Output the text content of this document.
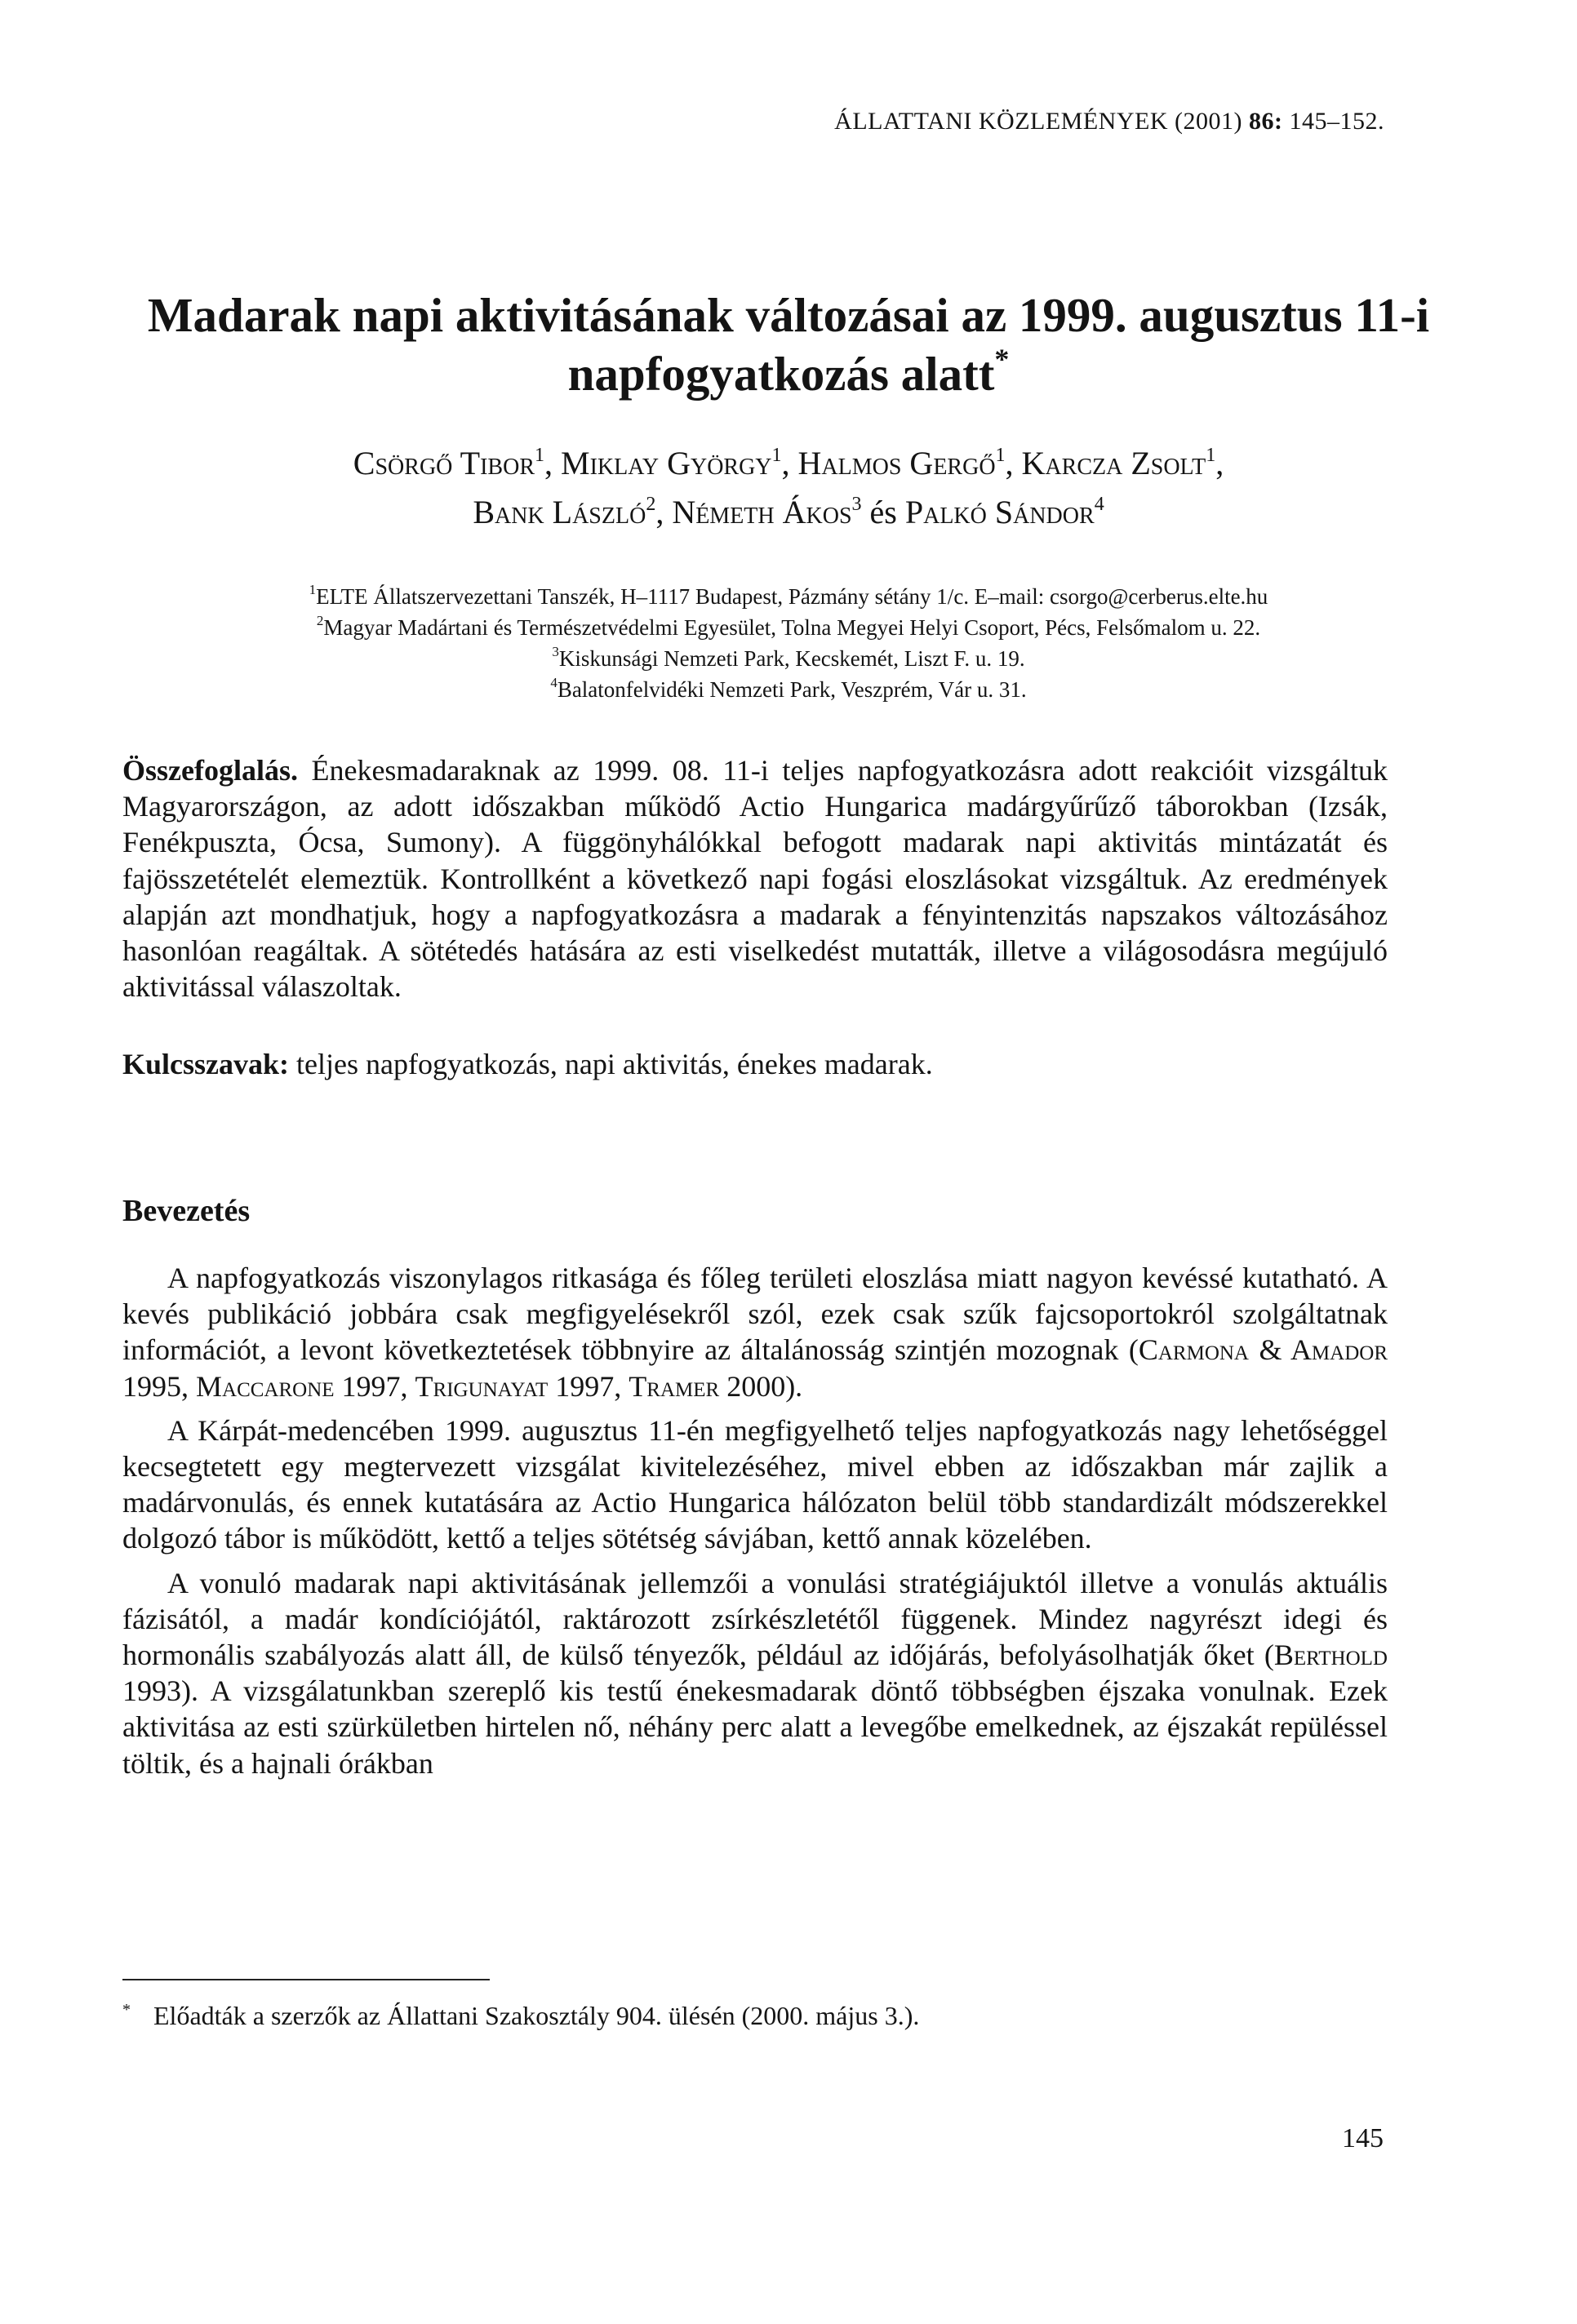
ÁLLATTANI KÖZLEMÉNYEK (2001) 86: 145–152.
Madarak napi aktivitásának változásai az 1999. augusztus 11-i
napfogyatkozás alatt*
Csörgő Tibor$^1$, Miklay György$^1$, Halmos Gergő$^1$, Karcza Zsolt$^1$,
Bank László$^2$, Németh Ákos$^3$ és Palkó Sándor$^4$
$^1$ELTE Állatszervezettani Tanszék, H–1117 Budapest, Pázmány sétány 1/c. E–mail: csorgo@cerberus.elte.hu
$^2$Magyar Madártani és Természetvédelmi Egyesület, Tolna Megyei Helyi Csoport, Pécs, Felsőmalom u. 22.
$^3$Kiskunsági Nemzeti Park, Kecskemét, Liszt F. u. 19.
$^4$Balatonfelvidéki Nemzeti Park, Veszprém, Vár u. 31.
Összefoglalás. Énekesmadaraknak az 1999. 08. 11-i teljes napfogyatkozásra adott reakcióit vizsgáltuk Magyarországon, az adott időszakban működő Actio Hungarica madárgyűrűző táborokban (Izsák, Fenékpuszta, Ócsa, Sumony). A függönyhálókkal befogott madarak napi aktivitás mintázatát és fajösszetételét elemeztük. Kontrollként a következő napi fogási eloszlásokat vizsgáltuk. Az eredmények alapján azt mondhatjuk, hogy a napfogyatkozásra a madarak a fényintenzitás napszakos változásához hasonlóan reagáltak. A sötétedés hatására az esti viselkedést mutatták, illetve a világosodásra megújuló aktivitással válaszoltak.
Kulcsszavak: teljes napfogyatkozás, napi aktivitás, énekes madarak.
Bevezetés

A napfogyatkozás viszonylagos ritkasága és főleg területi eloszlása miatt nagyon kevéssé kutatható. A kevés publikáció jobbára csak megfigyelésekről szól, ezek csak szűk fajcsoportokról szolgáltatnak információt, a levont következtetések többnyire az általánosság szintjén mozognak (Carmona & Amador 1995, Maccarone 1997, Trigunayat 1997, Tramer 2000).

A Kárpát-medencében 1999. augusztus 11-én megfigyelhető teljes napfogyatkozás nagy lehetőséggel kecsegtetett egy megtervezett vizsgálat kivitelezéséhez, mivel ebben az időszakban már zajlik a madárvonulás, és ennek kutatására az Actio Hungarica hálózaton belül több standardizált módszerekkel dolgozó tábor is működött, kettő a teljes sötétség sávjában, kettő annak közelében.

A vonuló madarak napi aktivitásának jellemzői a vonulási stratégiájuktól illetve a vonulás aktuális fázisától, a madár kondíciójától, raktározott zsírkészletétől függenek. Mindez nagyrészt idegi és hormonális szabályozás alatt áll, de külső tényezők, például az időjárás, befolyásolhatják őket (Berthold 1993). A vizsgálatunkban szereplő kis testű énekesmadarak döntő többségben éjszaka vonulnak. Ezek aktivitása az esti szürkületben hirtelen nő, néhány perc alatt a levegőbe emelkednek, az éjszakát repüléssel töltik, és a hajnali órákban

* Előadták a szerzők az Állattani Szakosztály 904. ülésén (2000. május 3.).
145
